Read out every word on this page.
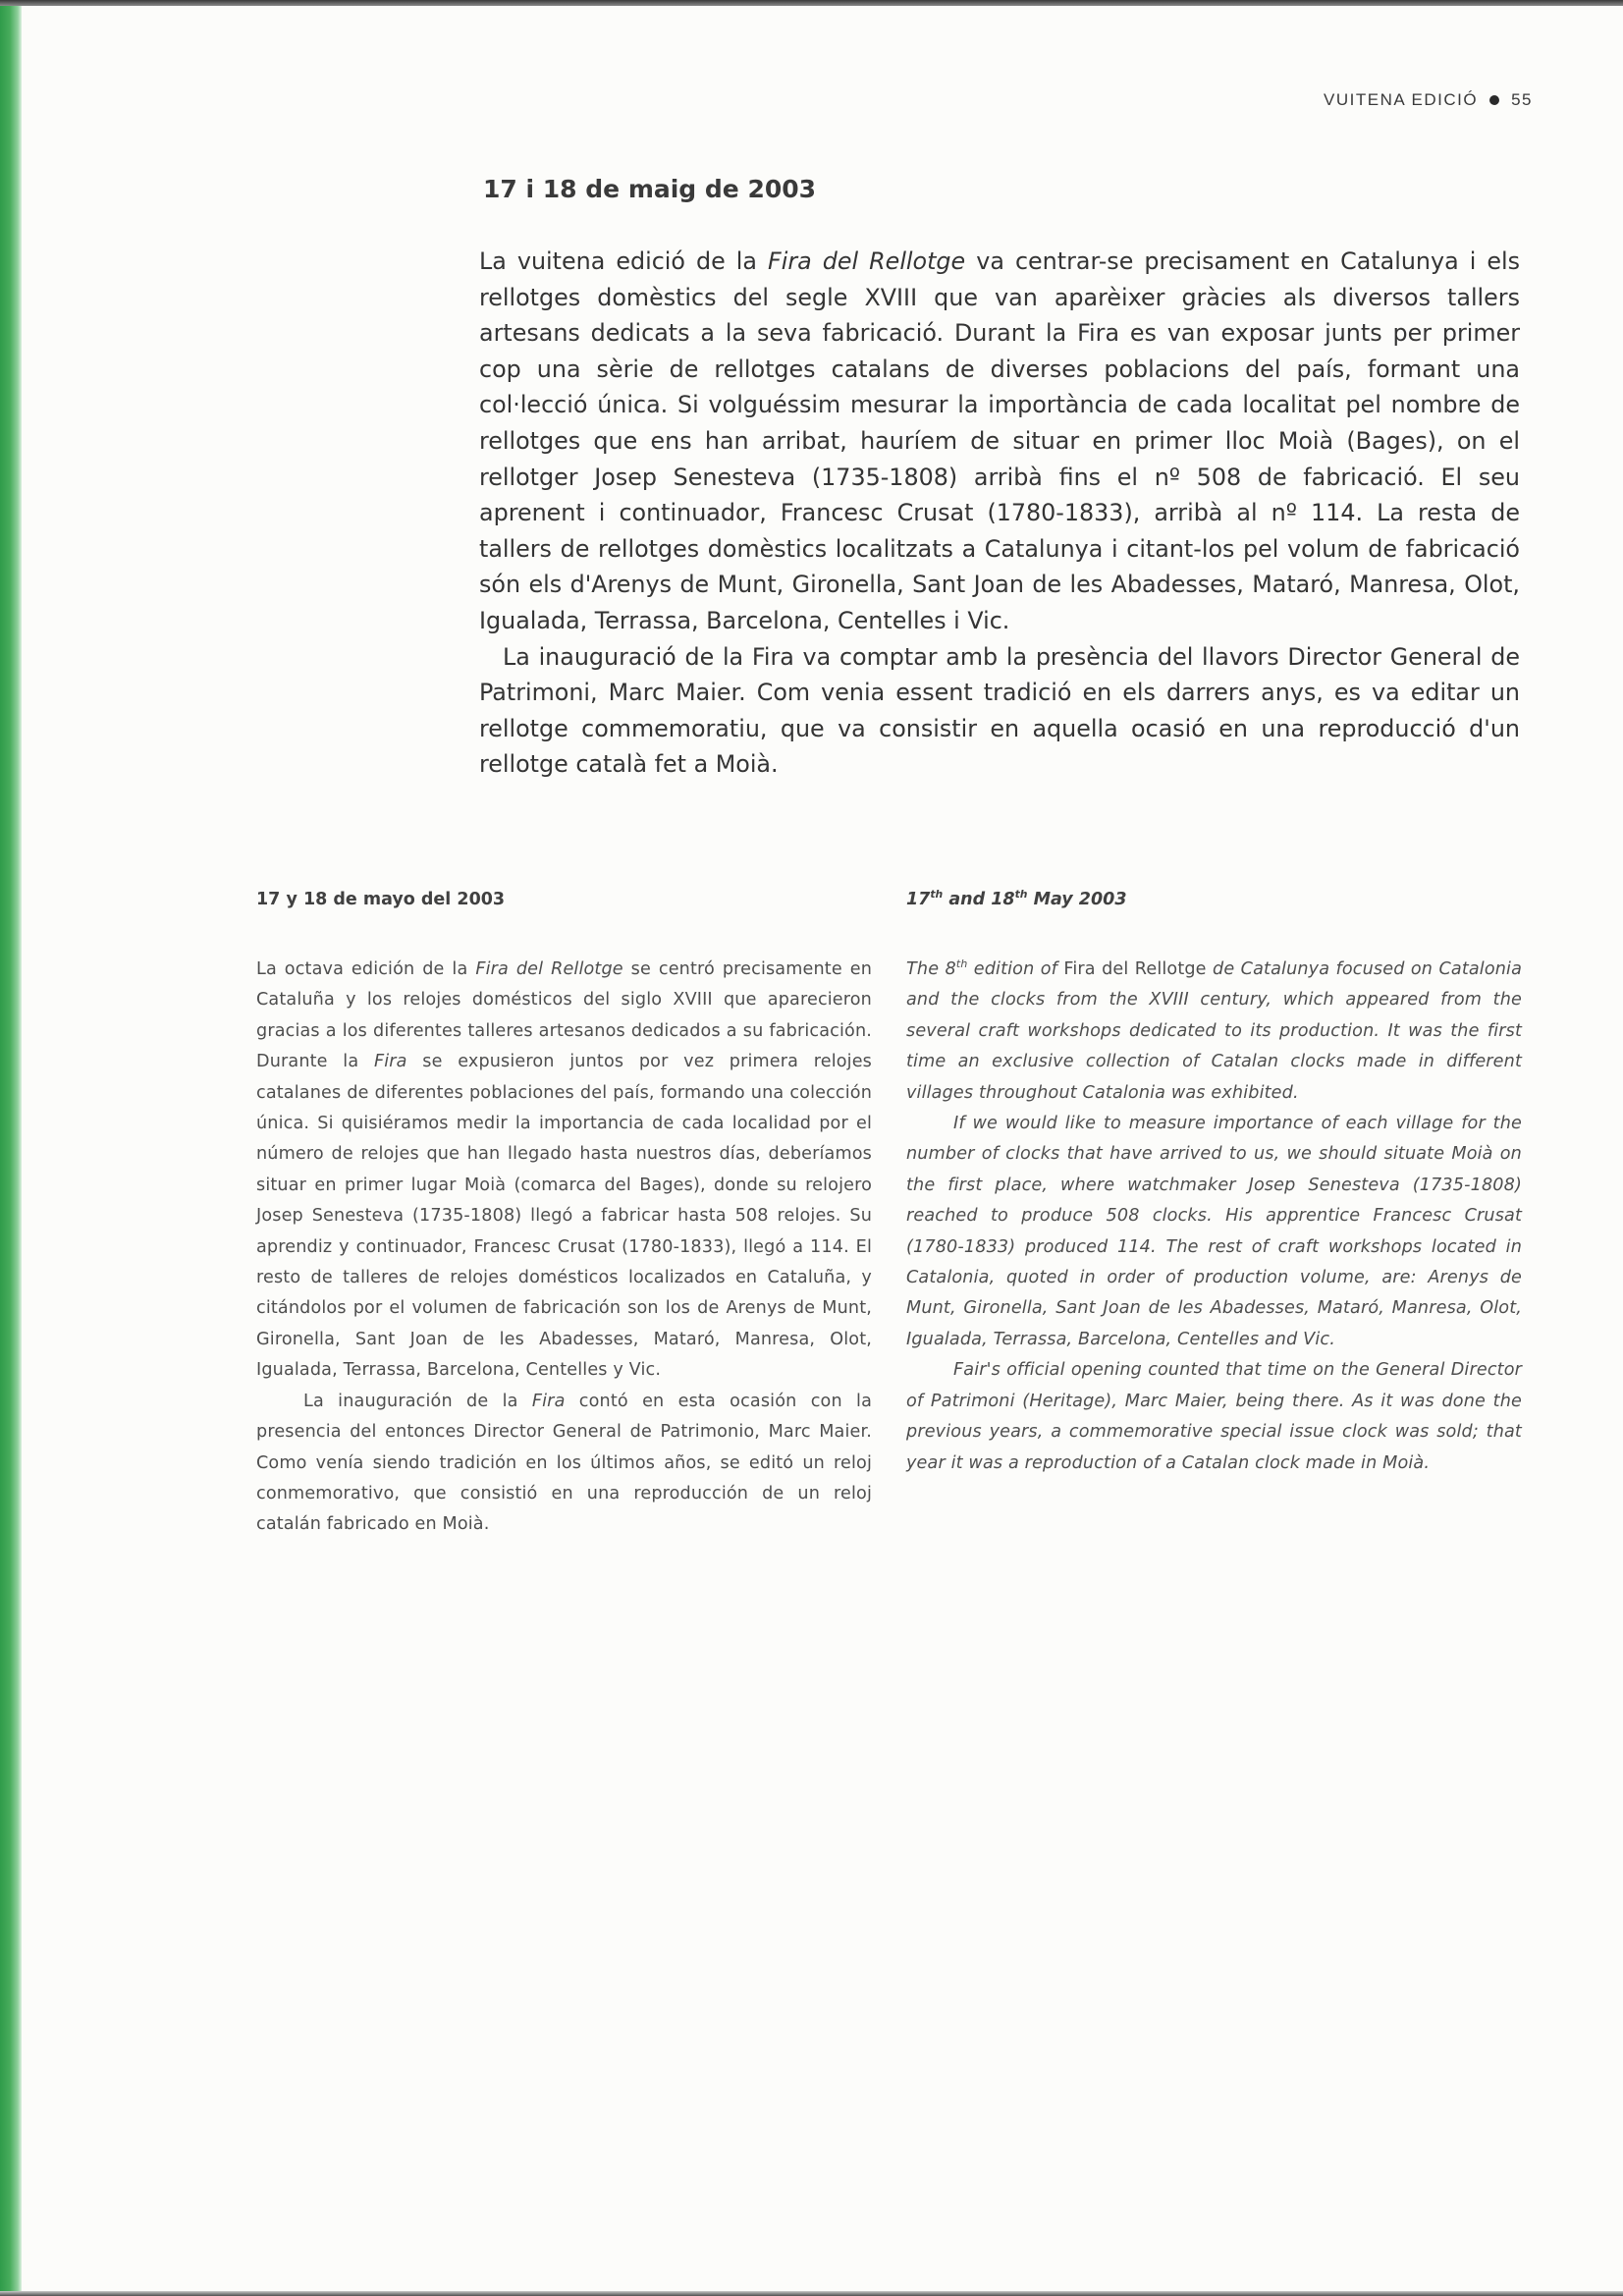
VUITENA EDICIÓ 55
17 i 18 de maig de 2003

La vuitena edició de la Fira del Rellotge va centrar-se precisament en Catalunya i els rellotges domèstics del segle XVIII que van aparèixer gràcies als diversos tallers artesans dedicats a la seva fabricació. Durant la Fira es van exposar junts per primer cop una sèrie de rellotges catalans de diverses poblacions del país, formant una col·lecció única. Si volguéssim mesurar la importància de cada localitat pel nombre de rellotges que ens han arribat, hauríem de situar en primer lloc Moià (Bages), on el rellotger Josep Senesteva (1735-1808) arribà fins el nº 508 de fabricació. El seu aprenent i continuador, Francesc Crusat (1780-1833), arribà al nº 114. La resta de tallers de rellotges domèstics localitzats a Catalunya i citant-los pel volum de fabricació són els d'Arenys de Munt, Gironella, Sant Joan de les Abadesses, Mataró, Manresa, Olot, Igualada, Terrassa, Barcelona, Centelles i Vic.

La inauguració de la Fira va comptar amb la presència del llavors Director General de Patrimoni, Marc Maier. Com venia essent tradició en els darrers anys, es va editar un rellotge commemoratiu, que va consistir en aquella ocasió en una reproducció d'un rellotge català fet a Moià.

17 y 18 de mayo del 2003

La octava edición de la Fira del Rellotge se centró precisamente en Cataluña y los relojes domésticos del siglo XVIII que aparecieron gracias a los diferentes talleres artesanos dedicados a su fabricación. Durante la Fira se expusieron juntos por vez primera relojes catalanes de diferentes poblaciones del país, formando una colección única. Si quisiéramos medir la importancia de cada localidad por el número de relojes que han llegado hasta nuestros días, deberíamos situar en primer lugar Moià (comarca del Bages), donde su relojero Josep Senesteva (1735-1808) llegó a fabricar hasta 508 relojes. Su aprendiz y continuador, Francesc Crusat (1780-1833), llegó a 114. El resto de talleres de relojes domésticos localizados en Cataluña, y citándolos por el volumen de fabricación son los de Arenys de Munt, Gironella, Sant Joan de les Abadesses, Mataró, Manresa, Olot, Igualada, Terrassa, Barcelona, Centelles y Vic.

La inauguración de la Fira contó en esta ocasión con la presencia del entonces Director General de Patrimonio, Marc Maier. Como venía siendo tradición en los últimos años, se editó un reloj conmemorativo, que consistió en una reproducción de un reloj catalán fabricado en Moià.

17th and 18th May 2003

The 8th edition of Fira del Rellotge de Catalunya focused on Catalonia and the clocks from the XVIII century, which appeared from the several craft workshops dedicated to its production. It was the first time an exclusive collection of Catalan clocks made in different villages throughout Catalonia was exhibited.

If we would like to measure importance of each village for the number of clocks that have arrived to us, we should situate Moià on the first place, where watchmaker Josep Senesteva (1735-1808) reached to produce 508 clocks. His apprentice Francesc Crusat (1780-1833) produced 114. The rest of craft workshops located in Catalonia, quoted in order of production volume, are: Arenys de Munt, Gironella, Sant Joan de les Abadesses, Mataró, Manresa, Olot, Igualada, Terrassa, Barcelona, Centelles and Vic.

Fair's official opening counted that time on the General Director of Patrimoni (Heritage), Marc Maier, being there. As it was done the previous years, a commemorative special issue clock was sold; that year it was a reproduction of a Catalan clock made in Moià.
